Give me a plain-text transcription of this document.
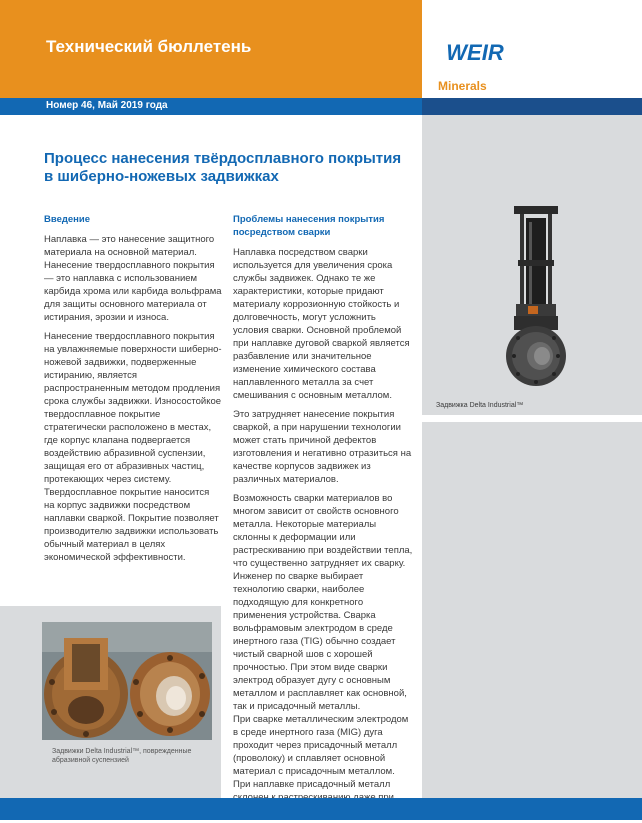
Технический бюллетень	WEIR
Minerals
Номер 46, Май 2019 года
Процесс нанесения твёрдосплавного покрытия
в шиберно-ножевых задвижках

Введение

Наплавка — это нанесение защитного материала на основной материал. Нанесение твердосплавного покрытия — это наплавка с использованием карбида хрома или карбида вольфрама для защиты основного материала от истирания, эрозии и износа.

Нанесение твердосплавного покрытия на увлажняемые поверхности шиберно-ножевой задвижки, подверженные истиранию, является распространенным методом продления срока службы задвижки. Износостойкое твердосплавное покрытие стратегически расположено в местах, где корпус клапана подвергается воздействию абразивной суспензии, защищая его от абразивных частиц, протекающих через систему. Твердосплавное покрытие наносится на корпус задвижки посредством наплавки сваркой. Покрытие позволяет производителю задвижки использовать обычный материал в целях экономической эффективности.

Проблемы нанесения покрытия посредством сварки

Наплавка посредством сварки используется для увеличения срока службы задвижек. Однако те же характеристики, которые придают материалу коррозионную стойкость и долговечность, могут усложнить условия сварки. Основной проблемой при наплавке дуговой сваркой является разбавление или значительное изменение химического состава наплавленного металла за счет смешивания с основным металлом.

Это затрудняет нанесение покрытия сваркой, а при нарушении технологии может стать причиной дефектов изготовления и негативно отразиться на качестве корпусов задвижек из различных материалов.

Возможность сварки материалов во многом зависит от свойств основного металла. Некоторые материалы склонны к деформации или растрескиванию при воздействии тепла, что существенно затрудняет их сварку. Инженер по сварке выбирает технологию сварки, наиболее подходящую для конкретного применения устройства. Сварка вольфрамовым электродом в среде инертного газа (TIG) обычно создает чистый сварной шов с хорошей прочностью. При этом виде сварки электрод образует дугу с основным металлом и расплавляет как основной, так и присадочный металлы.

При сварке металлическим электродом в среде инертного газа (MIG) дуга проходит через присадочный металл (проволоку) и сплавляет основной материал с присадочным металлом. При наплавке присадочный металл

Задвижка Delta Industrial™
Задвижки Delta Industrial™, поврежденные абразивной суспензией
